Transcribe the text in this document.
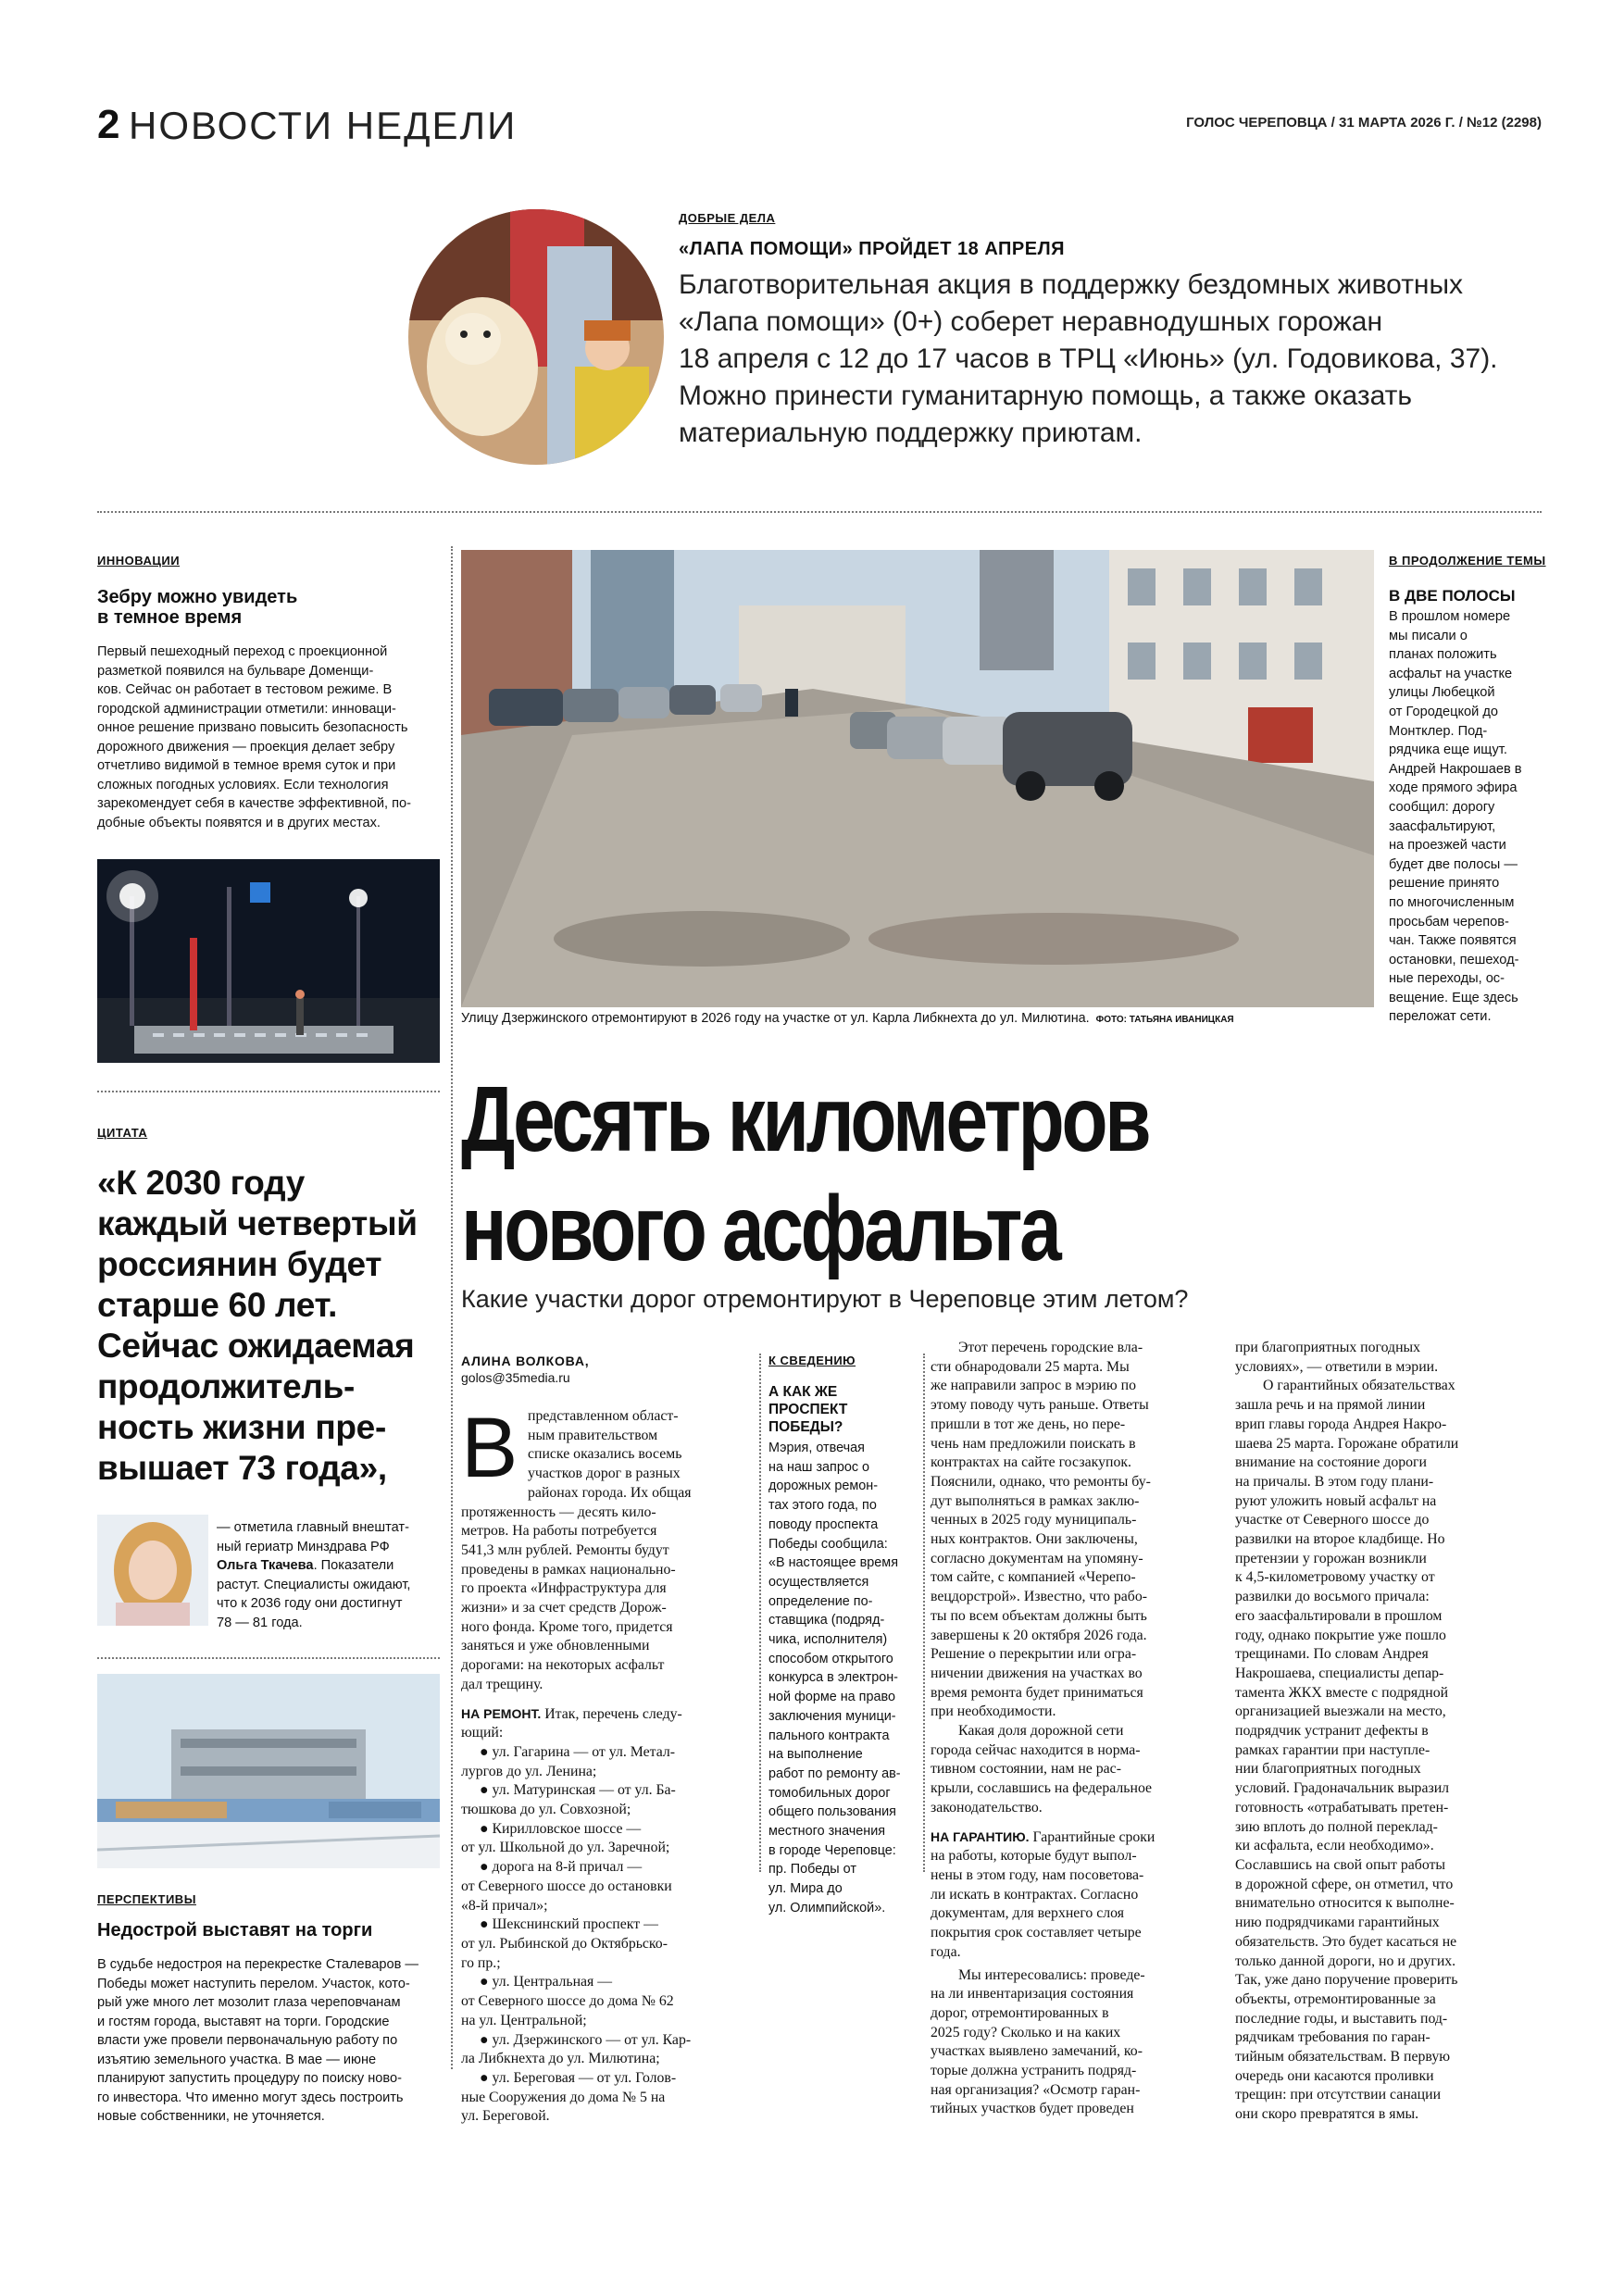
2 НОВОСТИ НЕДЕЛИ	ГОЛОС ЧЕРЕПОВЦА / 31 МАРТА 2026 Г. / №12 (2298)
ДОБРЫЕ ДЕЛА
«ЛАПА ПОМОЩИ» ПРОЙДЕТ 18 АПРЕЛЯ
Благотворительная акция в поддержку бездомных животных
«Лапа помощи» (0+) соберет неравнодушных горожан
18 апреля с 12 до 17 часов в ТРЦ «Июнь» (ул. Годовикова, 37).
Можно принести гуманитарную помощь, а также оказать
материальную поддержку приютам.
ИННОВАЦИИ
Зебру можно увидеть
в темное время
Первый пешеходный переход с проекционной
разметкой появился на бульваре Доменщи-
ков. Сейчас он работает в тестовом режиме. В
городской администрации отметили: инноваци-
онное решение призвано повысить безопасность
дорожного движения — проекция делает зебру
отчетливо видимой в темное время суток и при
сложных погодных условиях. Если технология
зарекомендует себя в качестве эффективной, по-
добные объекты появятся и в других местах.
ЦИТАТА
«К 2030 году
каждый четвертый
россиянин будет
старше 60 лет.
Сейчас ожидаемая
продолжитель-
ность жизни пре-
вышает 73 года»,
— отметила главный внештат-
ный гериатр Минздрава РФ
Ольга Ткачева. Показатели
растут. Специалисты ожидают,
что к 2036 году они достигнут
78 — 81 года.
ПЕРСПЕКТИВЫ
Недострой выставят на торги
В судьбе недостроя на перекрестке Сталеваров —
Победы может наступить перелом. Участок, кото-
рый уже много лет мозолит глаза череповчанам
и гостям города, выставят на торги. Городские
власти уже провели первоначальную работу по
изъятию земельного участка. В мае — июне
планируют запустить процедуру по поиску ново-
го инвестора. Что именно могут здесь построить
новые собственники, не уточняется.
Улицу Дзержинского отремонтируют в 2026 году на участке от ул. Карла Либкнехта до ул. Милютина. ФОТО: ТАТЬЯНА ИВАНИЦКАЯ
В ПРОДОЛЖЕНИЕ ТЕМЫ
В ДВЕ ПОЛОСЫ
В прошлом номере
мы писали о
планах положить
асфальт на участке
улицы Любецкой
от Городецкой до
Монтклер. Под-
рядчика еще ищут.
Андрей Накрошаев в
ходе прямого эфира
сообщил: дорогу
заасфальтируют,
на проезжей части
будет две полосы —
решение принято
по многочисленным
просьбам черепов-
чан. Также появятся
остановки, пешеход-
ные переходы, ос-
вещение. Еще здесь
переложат сети.
Десять километров
нового асфальта
Какие участки дорог отремонтируют в Череповце этим летом?
АЛИНА ВОЛКОВА,
golos@35media.ru
В представленном област-
ным правительством
списке оказались восемь
участков дорог в разных
районах города. Их общая
протяженность — десять кило-
метров. На работы потребуется
541,3 млн рублей. Ремонты будут
проведены в рамках национально-
го проекта «Инфраструктура для
жизни» и за счет средств Дорож-
ного фонда. Кроме того, придется
заняться и уже обновленными
дорогами: на некоторых асфальт
дал трещину.
НА РЕМОНТ. Итак, перечень следу-
ющий:
● ул. Гагарина — от ул. Метал-
лургов до ул. Ленина;
● ул. Матуринская — от ул. Ба-
тюшкова до ул. Совхозной;
● Кирилловское шоссе —
от ул. Школьной до ул. Заречной;
● дорога на 8-й причал —
от Северного шоссе до остановки
«8-й причал»;
● Шекснинский проспект —
от ул. Рыбинской до Октябрьско-
го пр.;
● ул. Центральная —
от Северного шоссе до дома № 62
на ул. Центральной;
● ул. Дзержинского — от ул. Кар-
ла Либкнехта до ул. Милютина;
● ул. Береговая — от ул. Голов-
ные Сооружения до дома № 5 на
ул. Береговой.
К СВЕДЕНИЮ
А КАК ЖЕ
ПРОСПЕКТ
ПОБЕДЫ?
Мэрия, отвечая
на наш запрос о
дорожных ремон-
тах этого года, по
поводу проспекта
Победы сообщила:
«В настоящее время
осуществляется
определение по-
ставщика (подряд-
чика, исполнителя)
способом открытого
конкурса в электрон-
ной форме на право
заключения муници-
пального контракта
на выполнение
работ по ремонту ав-
томобильных дорог
общего пользования
местного значения
в городе Череповце:
пр. Победы от
ул. Мира до
ул. Олимпийской».
Этот перечень городские вла-
сти обнародовали 25 марта. Мы
же направили запрос в мэрию по
этому поводу чуть раньше. Ответы
пришли в тот же день, но пере-
чень нам предложили поискать в
контрактах на сайте госзакупок.
Пояснили, однако, что ремонты бу-
дут выполняться в рамках заклю-
ченных в 2025 году муниципаль-
ных контрактов. Они заключены,
согласно документам на упомяну-
том сайте, с компанией «Черепо-
вецдорстрой». Известно, что рабо-
ты по всем объектам должны быть
завершены к 20 октября 2026 года.
Решение о перекрытии или огра-
ничении движения на участках во
время ремонта будет приниматься
при необходимости.
Какая доля дорожной сети
города сейчас находится в норма-
тивном состоянии, нам не рас-
крыли, сославшись на федеральное
законодательство.
НА ГАРАНТИЮ. Гарантийные сроки
на работы, которые будут выпол-
нены в этом году, нам посоветова-
ли искать в контрактах. Согласно
документам, для верхнего слоя
покрытия срок составляет четыре
года.
Мы интересовались: проведе-
на ли инвентаризация состояния
дорог, отремонтированных в
2025 году? Сколько и на каких
участках выявлено замечаний, ко-
торые должна устранить подряд-
ная организация? «Осмотр гаран-
тийных участков будет проведен
при благоприятных погодных
условиях», — ответили в мэрии.
О гарантийных обязательствах
зашла речь и на прямой линии
врип главы города Андрея Накро-
шаева 25 марта. Горожане обратили
внимание на состояние дороги
на причалы. В этом году плани-
руют уложить новый асфальт на
участке от Северного шоссе до
развилки на второе кладбище. Но
претензии у горожан возникли
к 4,5-километровому участку от
развилки до восьмого причала:
его заасфальтировали в прошлом
году, однако покрытие уже пошло
трещинами. По словам Андрея
Накрошаева, специалисты депар-
тамента ЖКХ вместе с подрядной
организацией выезжали на место,
подрядчик устранит дефекты в
рамках гарантии при наступле-
нии благоприятных погодных
условий. Градоначальник выразил
готовность «отрабатывать претен-
зию вплоть до полной переклад-
ки асфальта, если необходимо».
Сославшись на свой опыт работы
в дорожной сфере, он отметил, что
внимательно относится к выполне-
нию подрядчиками гарантийных
обязательств. Это будет касаться не
только данной дороги, но и других.
Так, уже дано поручение проверить
объекты, отремонтированные за
последние годы, и выставить под-
рядчикам требования по гаран-
тийным обязательствам. В первую
очередь они касаются проливки
трещин: при отсутствии санации
они скоро превратятся в ямы.
